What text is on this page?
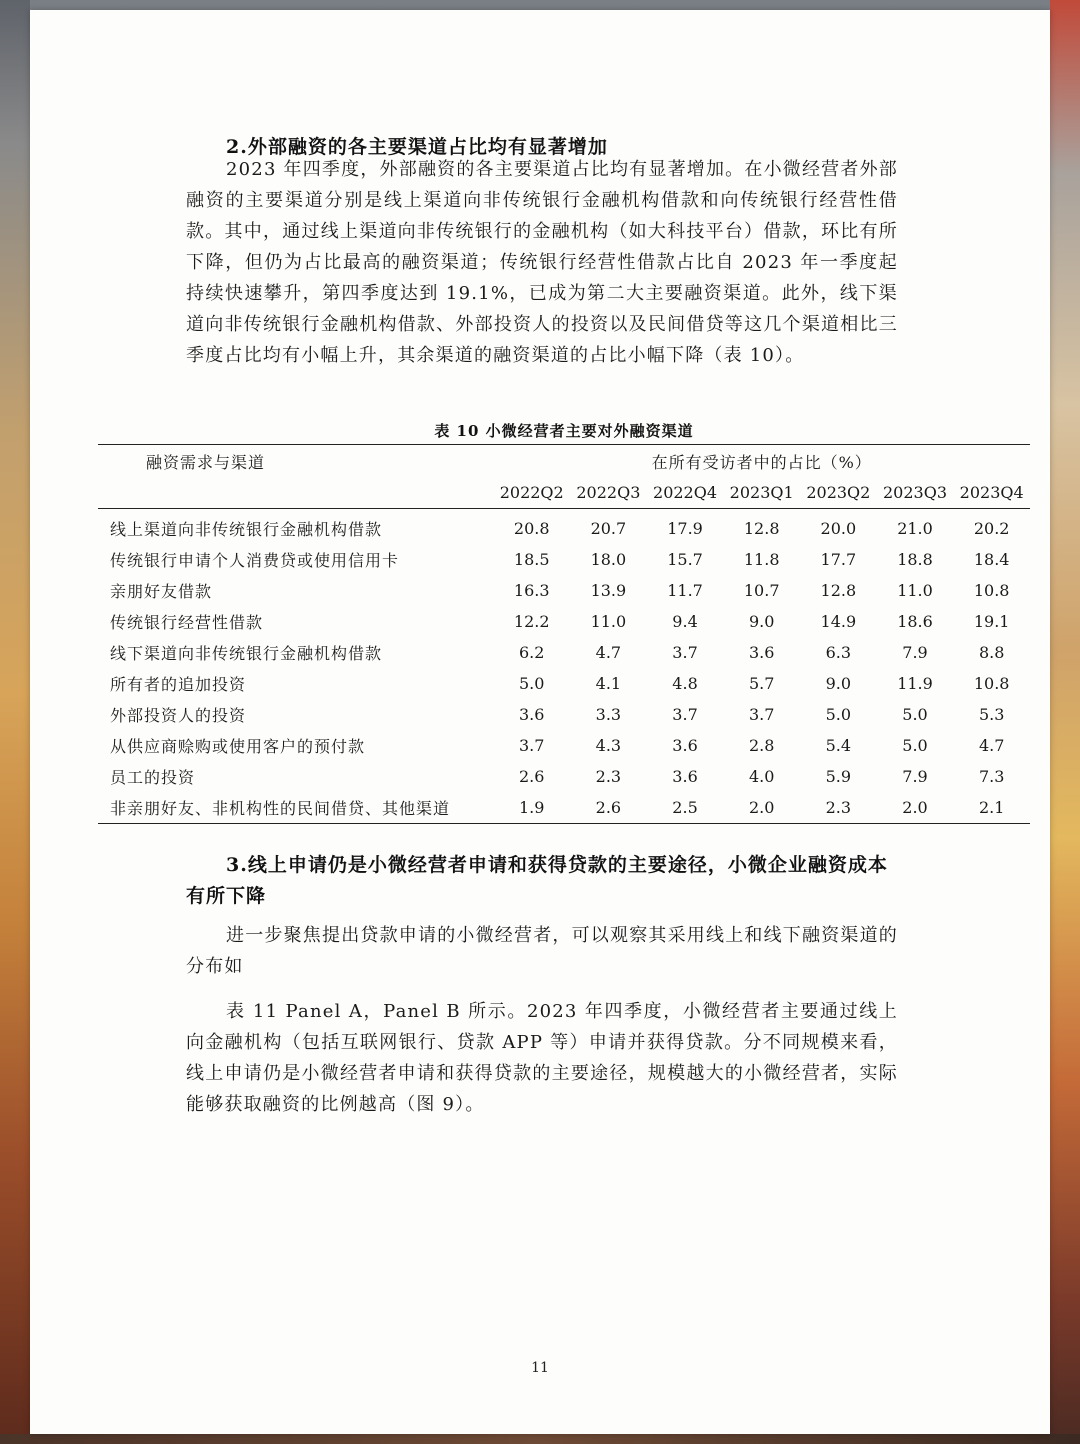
2.外部融资的各主要渠道占比均有显著增加

2023 年四季度，外部融资的各主要渠道占比均有显著增加。在小微经营者外部融资的主要渠道分别是线上渠道向非传统银行金融机构借款和向传统银行经营性借款。其中，通过线上渠道向非传统银行的金融机构（如大科技平台）借款，环比有所下降，但仍为占比最高的融资渠道；传统银行经营性借款占比自 2023 年一季度起持续快速攀升，第四季度达到 19.1%，已成为第二大主要融资渠道。此外，线下渠道向非传统银行金融机构借款、外部投资人的投资以及民间借贷等这几个渠道相比三季度占比均有小幅上升，其余渠道的融资渠道的占比小幅下降（表 10）。

表 10 小微经营者主要对外融资渠道
融资需求与渠道	在所有受访者中的占比（%）						
	2022Q2	2022Q3	2022Q4	2023Q1	2023Q2	2023Q3	2023Q4
线上渠道向非传统银行金融机构借款	20.8	20.7	17.9	12.8	20.0	21.0	20.2
传统银行申请个人消费贷或使用信用卡	18.5	18.0	15.7	11.8	17.7	18.8	18.4
亲朋好友借款	16.3	13.9	11.7	10.7	12.8	11.0	10.8
传统银行经营性借款	12.2	11.0	9.4	9.0	14.9	18.6	19.1
线下渠道向非传统银行金融机构借款	6.2	4.7	3.7	3.6	6.3	7.9	8.8
所有者的追加投资	5.0	4.1	4.8	5.7	9.0	11.9	10.8
外部投资人的投资	3.6	3.3	3.7	3.7	5.0	5.0	5.3
从供应商赊购或使用客户的预付款	3.7	4.3	3.6	2.8	5.4	5.0	4.7
员工的投资	2.6	2.3	3.6	4.0	5.9	7.9	7.3
非亲朋好友、非机构性的民间借贷、其他渠道	1.9	2.6	2.5	2.0	2.3	2.0	2.1
3.线上申请仍是小微经营者申请和获得贷款的主要途径，小微企业融资成本有所下降

进一步聚焦提出贷款申请的小微经营者，可以观察其采用线上和线下融资渠道的分布如

表 11 Panel A，Panel B 所示。2023 年四季度，小微经营者主要通过线上向金融机构（包括互联网银行、贷款 APP 等）申请并获得贷款。分不同规模来看，线上申请仍是小微经营者申请和获得贷款的主要途径，规模越大的小微经营者，实际能够获取融资的比例越高（图 9）。

11
